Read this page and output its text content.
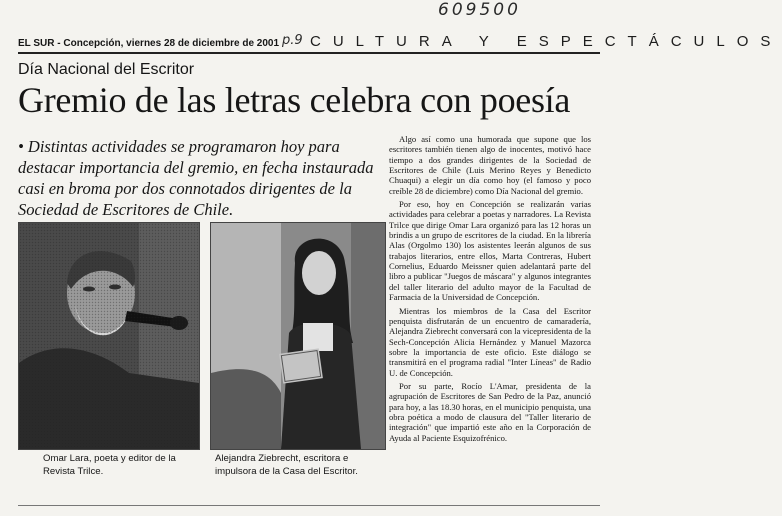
609500
EL SUR - Concepción, viernes 28 de diciembre de 2001 p.9 CULTURA Y ESPECTÁCULOS
Día Nacional del Escritor
Gremio de las letras celebra con poesía

• Distintas actividades se programaron hoy para destacar importancia del gremio, en fecha instaurada casi en broma por dos connotados dirigentes de la Sociedad de Escritores de Chile.

Omar Lara, poeta y editor de la
Revista Trilce.
Alejandra Ziebrecht, escritora e
impulsora de la Casa del Escritor.

Algo así como una humorada que supone que los escritores también tienen algo de inocentes, motivó hace tiempo a dos grandes dirigentes de la Sociedad de Escritores de Chile (Luis Merino Reyes y Benedicto Chuaqui) a elegir un día como hoy (el famoso y poco creíble 28 de diciembre) como Día Nacional del gremio.

Por eso, hoy en Concepción se realizarán varias actividades para celebrar a poetas y narradores. La Revista Trilce que dirige Omar Lara organizó para las 12 horas un brindis a un grupo de escritores de la ciudad. En la librería Alas (Orgolmo 130) los asistentes leerán algunos de sus trabajos literarios, entre ellos, Marta Contreras, Hubert Cornelius, Eduardo Meissner quien adelantará parte del libro a publicar "Juegos de máscara" y algunos integrantes del taller literario del adulto mayor de la Facultad de Farmacia de la Universidad de Concepción.

Mientras los miembros de la Casa del Escritor penquista disfrutarán de un encuentro de camaradería, Alejandra Ziebrecht conversará con la vicepresidenta de la Sech-Concepción Alicia Hernández y Manuel Mazorca sobre la importancia de este oficio. Este diálogo se transmitirá en el programa radial "Inter Líneas" de Radio U. de Concepción.

Por su parte, Rocío L'Amar, presidenta de la agrupación de Escritores de San Pedro de la Paz, anunció para hoy, a las 18.30 horas, en el municipio penquista, una obra poética a modo de clausura del "Taller literario de integración" que impartió este año en la Corporación de Ayuda al Paciente Esquizofrénico.
